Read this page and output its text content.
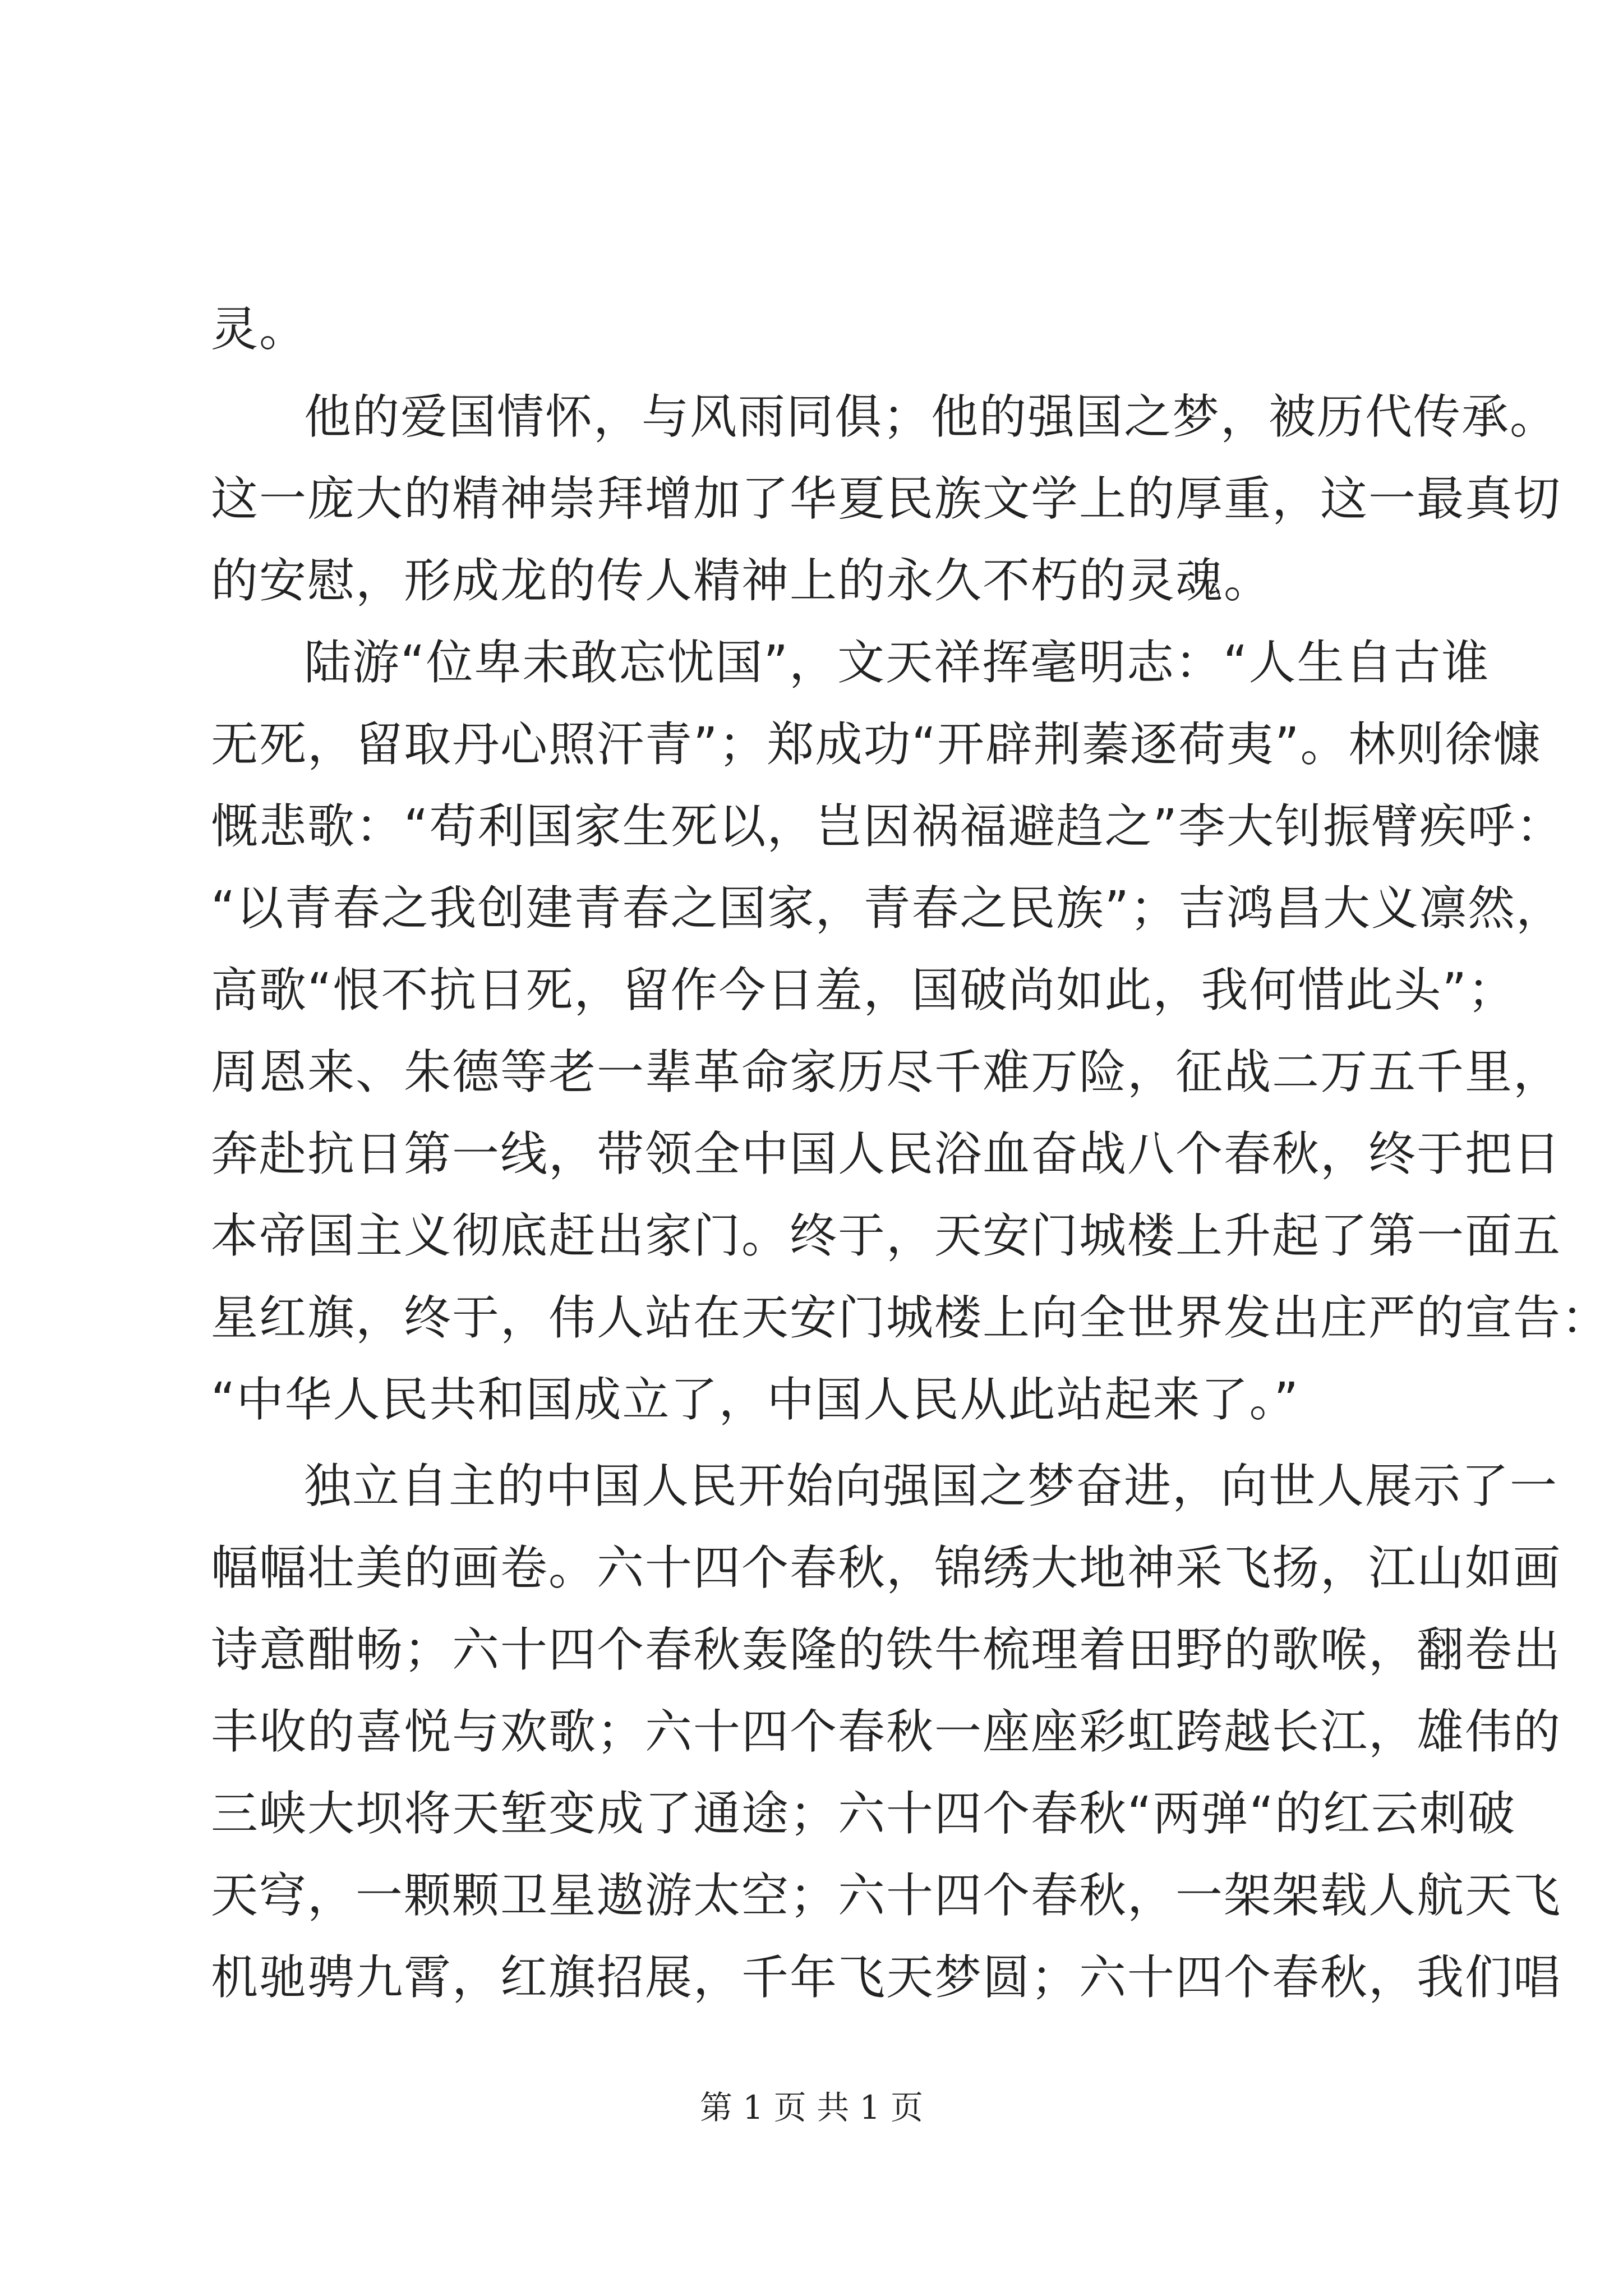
灵。
他的爱国情怀，与风雨同俱；他的强国之梦，被历代传承。
这一庞大的精神崇拜增加了华夏民族文学上的厚重，这一最真切
的安慰，形成龙的传人精神上的永久不朽的灵魂。
陆游“位卑未敢忘忧国”，文天祥挥毫明志：“人生自古谁
无死，留取丹心照汗青”；郑成功“开辟荆蓁逐荷夷”。林则徐慷
慨悲歌：“苟利国家生死以，岂因祸福避趋之”李大钊振臂疾呼：
“以青春之我创建青春之国家，青春之民族”；吉鸿昌大义凛然，
高歌“恨不抗日死，留作今日羞，国破尚如此，我何惜此头”；
周恩来、朱德等老一辈革命家历尽千难万险，征战二万五千里，
奔赴抗日第一线，带领全中国人民浴血奋战八个春秋，终于把日
本帝国主义彻底赶出家门。终于，天安门城楼上升起了第一面五
星红旗，终于，伟人站在天安门城楼上向全世界发出庄严的宣告：
“中华人民共和国成立了，中国人民从此站起来了。”
独立自主的中国人民开始向强国之梦奋进，向世人展示了一
幅幅壮美的画卷。六十四个春秋，锦绣大地神采飞扬，江山如画
诗意酣畅；六十四个春秋轰隆的铁牛梳理着田野的歌喉，翻卷出
丰收的喜悦与欢歌；六十四个春秋一座座彩虹跨越长江，雄伟的
三峡大坝将天堑变成了通途；六十四个春秋“两弹“的红云刺破
天穹，一颗颗卫星遨游太空；六十四个春秋，一架架载人航天飞
机驰骋九霄，红旗招展，千年飞天梦圆；六十四个春秋，我们唱
第 1 页 共 1 页
